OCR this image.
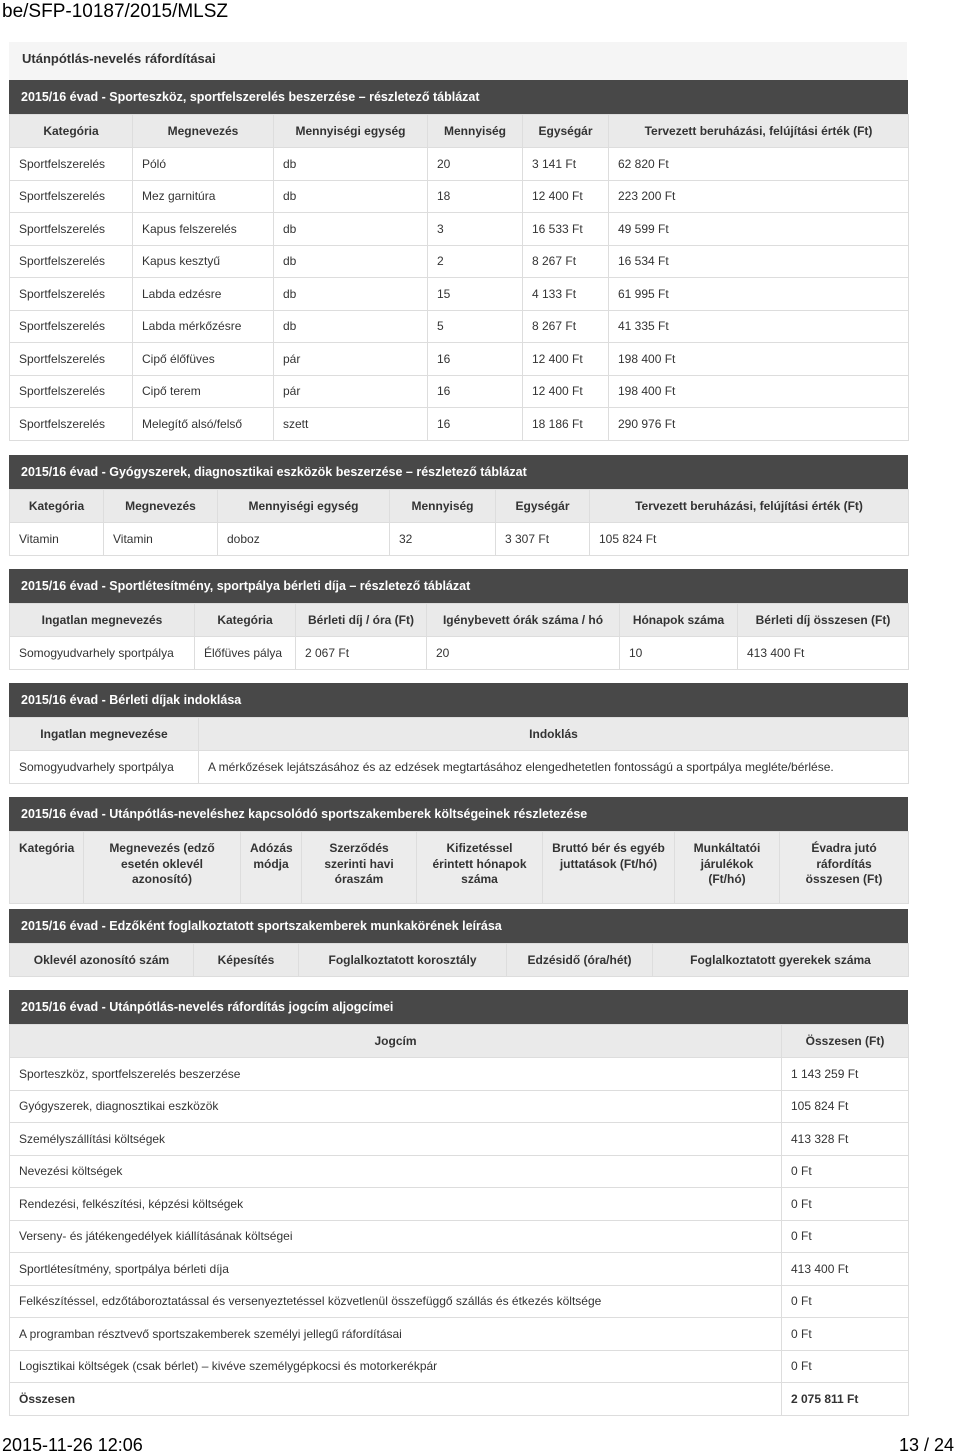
be/SFP-10187/2015/MLSZ
Utánpótlás-nevelés ráfordításai
2015/16 évad - Sporteszköz, sportfelszerelés beszerzése – részletező táblázat
Kategória	Megnevezés	Mennyiségi egység	Mennyiség	Egységár	Tervezett beruházási, felújítási érték (Ft)
Sportfelszerelés	Póló	db	20	3 141 Ft	62 820 Ft
Sportfelszerelés	Mez garnitúra	db	18	12 400 Ft	223 200 Ft
Sportfelszerelés	Kapus felszerelés	db	3	16 533 Ft	49 599 Ft
Sportfelszerelés	Kapus kesztyű	db	2	8 267 Ft	16 534 Ft
Sportfelszerelés	Labda edzésre	db	15	4 133 Ft	61 995 Ft
Sportfelszerelés	Labda mérkőzésre	db	5	8 267 Ft	41 335 Ft
Sportfelszerelés	Cipő élőfüves	pár	16	12 400 Ft	198 400 Ft
Sportfelszerelés	Cipő terem	pár	16	12 400 Ft	198 400 Ft
Sportfelszerelés	Melegítő alsó/felső	szett	16	18 186 Ft	290 976 Ft
2015/16 évad - Gyógyszerek, diagnosztikai eszközök beszerzése – részletező táblázat
Kategória	Megnevezés	Mennyiségi egység	Mennyiség	Egységár	Tervezett beruházási, felújítási érték (Ft)
Vitamin	Vitamin	doboz	32	3 307 Ft	105 824 Ft
2015/16 évad - Sportlétesítmény, sportpálya bérleti díja – részletező táblázat
Ingatlan megnevezés	Kategória	Bérleti díj / óra (Ft)	Igénybevett órák száma / hó	Hónapok száma	Bérleti díj összesen (Ft)
Somogyudvarhely sportpálya	Élőfüves pálya	2 067 Ft	20	10	413 400 Ft
2015/16 évad - Bérleti díjak indoklása
Ingatlan megnevezése	Indoklás
Somogyudvarhely sportpálya	A mérkőzések lejátszásához és az edzések megtartásához elengedhetetlen fontosságú a sportpálya megléte/bérlése.
2015/16 évad - Utánpótlás-neveléshez kapcsolódó sportszakemberek költségeinek részletezése
Kategória	Megnevezés (edző esetén oklevél azonosító)	Adózás módja	Szerződés szerinti havi óraszám	Kifizetéssel érintett hónapok száma	Bruttó bér és egyéb juttatások (Ft/hó)	Munkáltatói járulékok (Ft/hó)	Évadra jutó ráfordítás összesen (Ft)
2015/16 évad - Edzőként foglalkoztatott sportszakemberek munkakörének leírása
Oklevél azonosító szám	Képesítés	Foglalkoztatott korosztály	Edzésidő (óra/hét)	Foglalkoztatott gyerekek száma
2015/16 évad - Utánpótlás-nevelés ráfordítás jogcím aljogcímei
Jogcím	Összesen (Ft)
Sporteszköz, sportfelszerelés beszerzése	1 143 259 Ft
Gyógyszerek, diagnosztikai eszközök	105 824 Ft
Személyszállítási költségek	413 328 Ft
Nevezési költségek	0 Ft
Rendezési, felkészítési, képzési költségek	0 Ft
Verseny- és játékengedélyek kiállításának költségei	0 Ft
Sportlétesítmény, sportpálya bérleti díja	413 400 Ft
Felkészítéssel, edzőtáboroztatással és versenyeztetéssel közvetlenül összefüggő szállás és étkezés költsége	0 Ft
A programban résztvevő sportszakemberek személyi jellegű ráfordításai	0 Ft
Logisztikai költségek (csak bérlet) – kivéve személygépkocsi és motorkerékpár	0 Ft
Összesen	2 075 811 Ft
2015-11-26 12:06	13 / 24
